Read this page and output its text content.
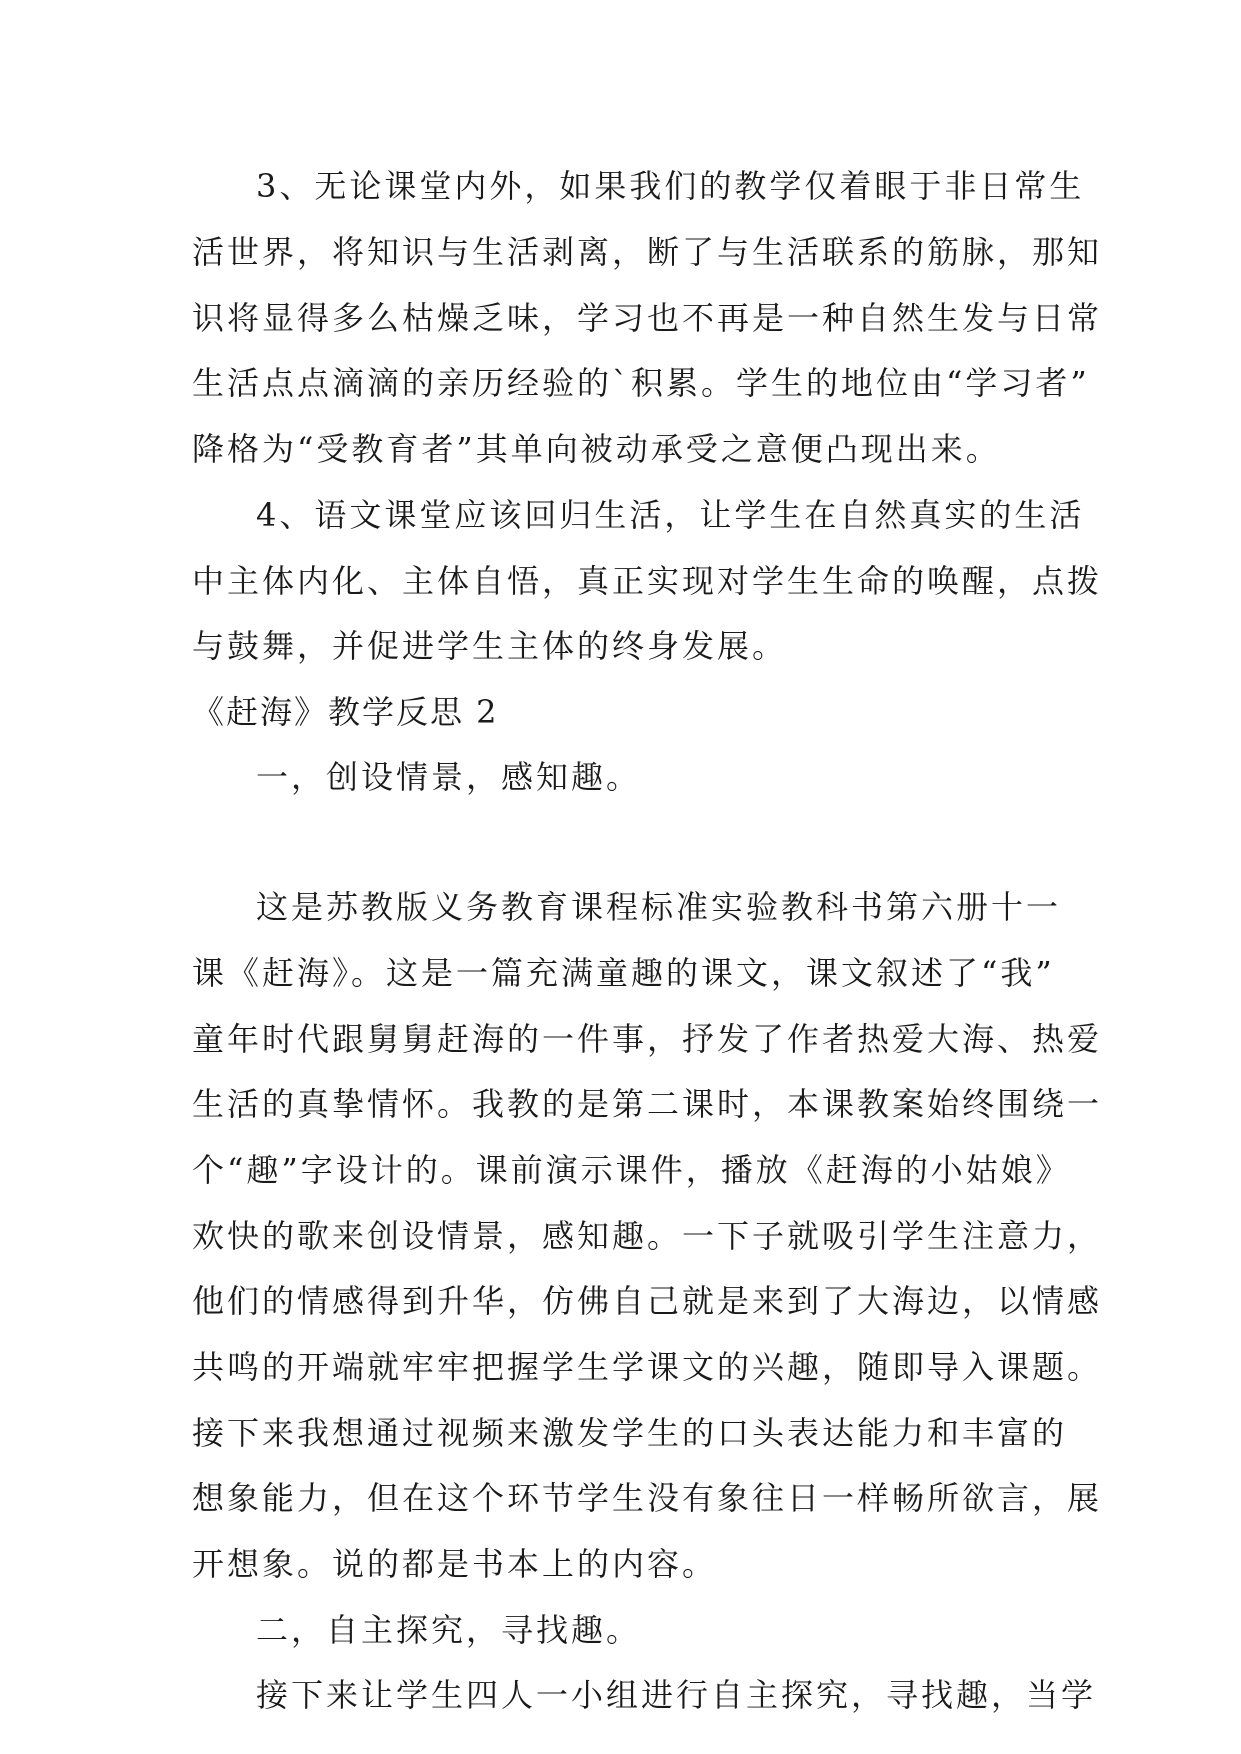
3、无论课堂内外，如果我们的教学仅着眼于非日常生
活世界，将知识与生活剥离，断了与生活联系的筋脉，那知
识将显得多么枯燥乏味，学习也不再是一种自然生发与日常
生活点点滴滴的亲历经验的`积累。学生的地位由“学习者”
降格为“受教育者”其单向被动承受之意便凸现出来。
4、语文课堂应该回归生活，让学生在自然真实的生活
中主体内化、主体自悟，真正实现对学生生命的唤醒，点拨
与鼓舞，并促进学生主体的终身发展。
《赶海》教学反思 2
一，创设情景，感知趣。
这是苏教版义务教育课程标准实验教科书第六册十一
课《赶海》。这是一篇充满童趣的课文，课文叙述了“我”
童年时代跟舅舅赶海的一件事，抒发了作者热爱大海、热爱
生活的真挚情怀。我教的是第二课时，本课教案始终围绕一
个“趣”字设计的。课前演示课件，播放《赶海的小姑娘》
欢快的歌来创设情景，感知趣。一下子就吸引学生注意力，
他们的情感得到升华，仿佛自己就是来到了大海边，以情感
共鸣的开端就牢牢把握学生学课文的兴趣，随即导入课题。
接下来我想通过视频来激发学生的口头表达能力和丰富的
想象能力，但在这个环节学生没有象往日一样畅所欲言，展
开想象。说的都是书本上的内容。
二，自主探究，寻找趣。
接下来让学生四人一小组进行自主探究，寻找趣，当学
